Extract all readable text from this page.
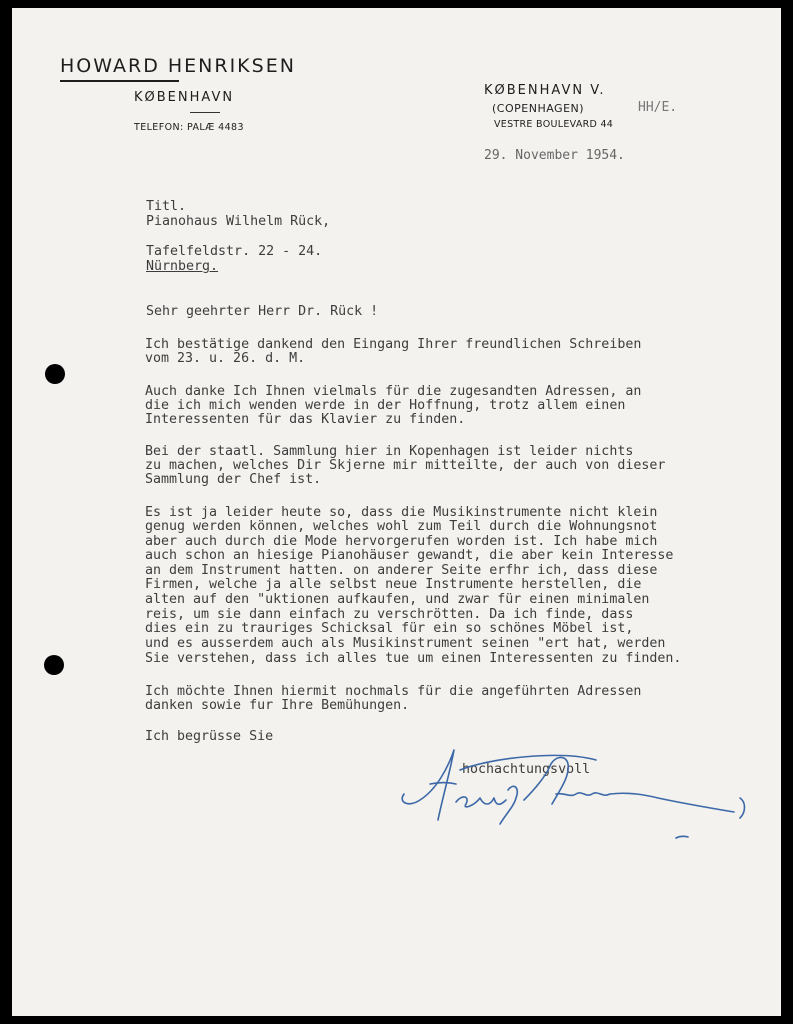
HOWARD HENRIKSEN
KØBENHAVN
TELEFON: PALÆ 4483
KØBENHAVN V.
(COPENHAGEN)
VESTRE BOULEVARD 44
HH/E.
29. November 1954.
Titl.
Pianohaus Wilhelm Rück,
Tafelfeldstr. 22 - 24.
Nürnberg.
Sehr geehrter Herr Dr. Rück !
Ich bestätige dankend den Eingang Ihrer freundlichen Schreiben
vom 23. u. 26. d. M.
Auch danke Ich Ihnen vielmals für die zugesandten Adressen, an
die ich mich wenden werde in der Hoffnung, trotz allem einen
Interessenten für das Klavier zu finden.
Bei der staatl. Sammlung hier in Kopenhagen ist leider nichts
zu machen, welches Dir Skjerne mir mitteilte, der auch von dieser
Sammlung der Chef ist.
Es ist ja leider heute so, dass die Musikinstrumente nicht klein
genug werden können, welches wohl zum Teil durch die Wohnungsnot
aber auch durch die Mode hervorgerufen worden ist. Ich habe mich
auch schon an hiesige Pianohäuser gewandt, die aber kein Interesse
an dem Instrument hatten. on anderer Seite erfhr ich, dass diese
Firmen, welche ja alle selbst neue Instrumente herstellen, die
alten auf den "uktionen aufkaufen, und zwar für einen minimalen
reis, um sie dann einfach zu verschrötten. Da ich finde, dass
dies ein zu trauriges Schicksal für ein so schönes Möbel ist,
und es ausserdem auch als Musikinstrument seinen "ert hat, werden
Sie verstehen, dass ich alles tue um einen Interessenten zu finden.
Ich möchte Ihnen hiermit nochmals für die angeführten Adressen
danken sowie fur Ihre Bemühungen.
Ich begrüsse Sie
hochachtungsvoll
